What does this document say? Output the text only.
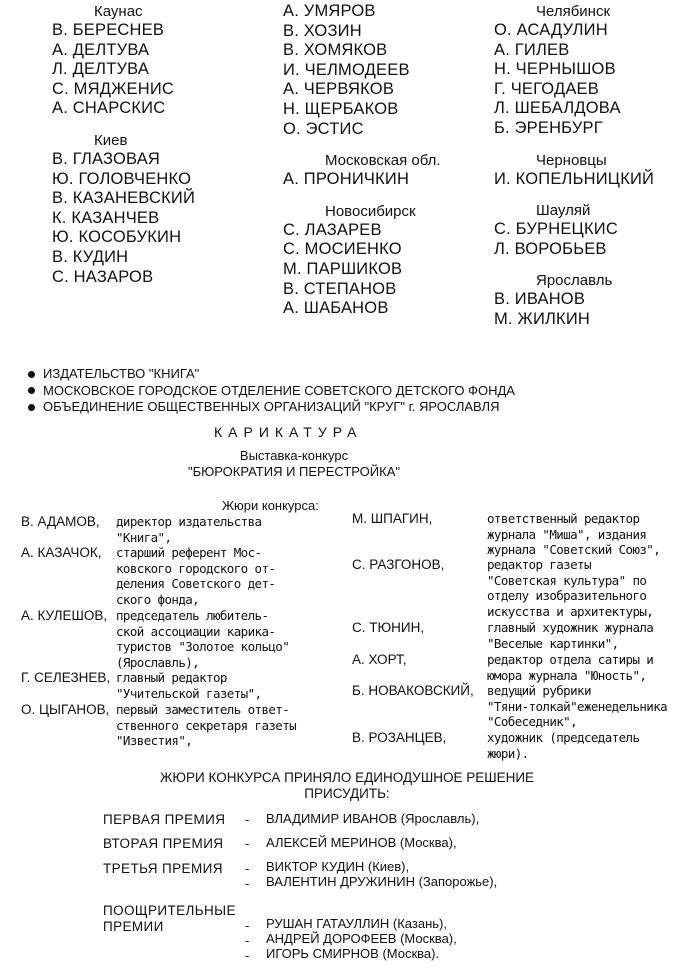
Каунас
В. БЕРЕСНЕВ
А. ДЕЛТУВА
Л. ДЕЛТУВА
С. МЯДЖЕНИС
А. СНАРСКИС
Киев
В. ГЛАЗОВАЯ
Ю. ГОЛОВЧЕНКО
В. КАЗАНЕВСКИЙ
К. КАЗАНЧЕВ
Ю. КОСОБУКИН
В. КУДИН
С. НАЗАРОВ
А. УМЯРОВ
В. ХОЗИН
В. ХОМЯКОВ
И. ЧЕЛМОДЕЕВ
А. ЧЕРВЯКОВ
Н. ЩЕРБАКОВ
О. ЭСТИС
Московская обл.
А. ПРОНИЧКИН
Новосибирск
С. ЛАЗАРЕВ
С. МОСИЕНКО
М. ПАРШИКОВ
В. СТЕПАНОВ
А. ШАБАНОВ
Челябинск
О. АСАДУЛИН
А. ГИЛЕВ
Н. ЧЕРНЫШОВ
Г. ЧЕГОДАЕВ
Л. ШЕБАЛДОВА
Б. ЭРЕНБУРГ
Черновцы
И. КОПЕЛЬНИЦКИЙ
Шауляй
С. БУРНЕЦКИС
Л. ВОРОБЬЕВ
Ярославль
В. ИВАНОВ
М. ЖИЛКИН
ИЗДАТЕЛЬСТВО "КНИГА"
МОСКОВСКОЕ ГОРОДСКОЕ ОТДЕЛЕНИЕ СОВЕТСКОГО ДЕТСКОГО ФОНДА
ОБЪЕДИНЕНИЕ ОБЩЕСТВЕННЫХ ОРГАНИЗАЦИЙ "КРУГ" г. ЯРОСЛАВЛЯ
КАРИКАТУРА
Выставка-конкурс
"БЮРОКРАТИЯ И ПЕРЕСТРОЙКА"
Жюри конкурса:
В. АДАМОВ, директор издательства
"Книга",
А. КАЗАЧОК, старший референт Мос-
ковского городского от-
деления Советского дет-
ского фонда,
А. КУЛЕШОВ, председатель любитель-
ской ассоциации карика-
туристов "Золотое кольцо"
(Ярославль),
Г. СЕЛЕЗНЕВ, главный редактор
"Учительской газеты",
О. ЦЫГАНОВ, первый заместитель ответ-
ственного секретаря газеты
"Известия",
М. ШПАГИН,	ответственный редактор
журнала "Миша", издания
журнала "Советский Союз",
С. РАЗГОНОВ,	редактор газеты
"Советская культура" по
отделу изобразительного
искусства и архитектуры,
С. ТЮНИН,	главный художник журнала
"Веселые картинки",
А. ХОРТ,	редактор отдела сатиры и
юмора журнала "Юность",
Б. НОВАКОВСКИЙ, ведущий рубрики
"Тяни-толкай"еженедельника
"Собеседник",
В. РОЗАНЦЕВ,	художник (председатель
жюри).
ЖЮРИ КОНКУРСА ПРИНЯЛО ЕДИНОДУШНОЕ РЕШЕНИЕ
ПРИСУДИТЬ:
ПЕРВАЯ ПРЕМИЯ - ВЛАДИМИР ИВАНОВ (Ярославль),
ВТОРАЯ ПРЕМИЯ - АЛЕКСЕЙ МЕРИНОВ (Москва),
ТРЕТЬЯ ПРЕМИЯ - ВИКТОР КУДИН (Киев),
- ВАЛЕНТИН ДРУЖИНИН (Запорожье),
ПООЩРИТЕЛЬНЫЕ
ПРЕМИИ	- РУШАН ГАТАУЛЛИН (Казань),
- АНДРЕЙ ДОРОФЕЕВ (Москва),
- ИГОРЬ СМИРНОВ (Москва).
